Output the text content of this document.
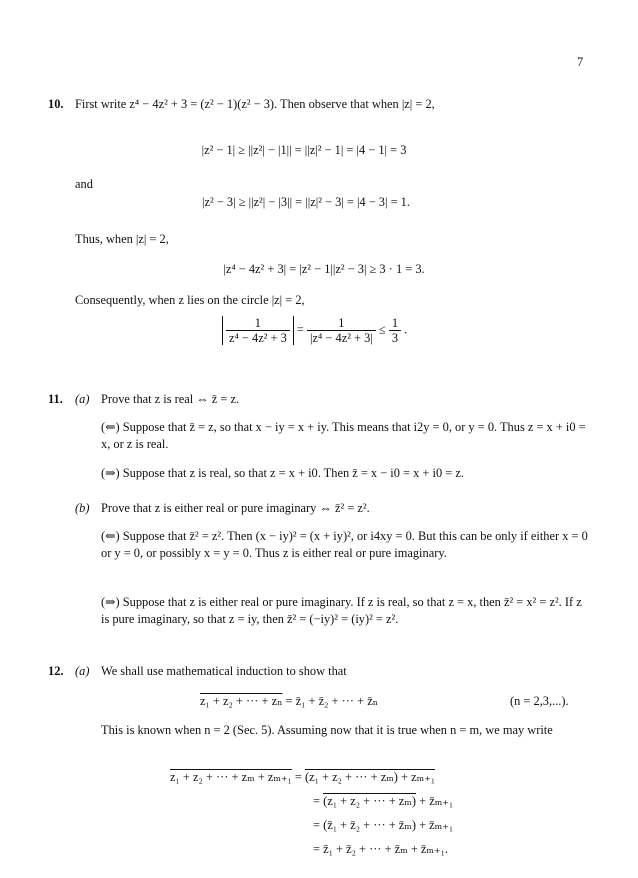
7
10. First write z⁴ − 4z² + 3 = (z² − 1)(z² − 3). Then observe that when |z| = 2,
|z² − 1| ≥ ||z²| − |1|| = ||z|² − 1| = |4 − 1| = 3
and
|z² − 3| ≥ ||z²| − |3|| = ||z|² − 3| = |4 − 3| = 1.
Thus, when |z| = 2,
|z⁴ − 4z² + 3| = |z² − 1||z² − 3| ≥ 3 · 1 = 3.
Consequently, when z lies on the circle |z| = 2,
$\frac{1}{\text{z⁴ − 4z² + 3}} = \frac{1}{\text{|z⁴ − 4z² + 3|}} \le \frac{1}{3}$ .
11. (a) Prove that z is real ⇔ z̄ = z.
(⇐) Suppose that z̄ = z, so that x − iy = x + iy. This means that i2y = 0, or y = 0. Thus z = x + i0 = x, or z is real.
(⇒) Suppose that z is real, so that z = x + i0. Then z̄ = x − i0 = x + i0 = z.
(b) Prove that z is either real or pure imaginary ⇔ z̄² = z².
(⇐) Suppose that z̄² = z². Then (x − iy)² = (x + iy)², or i4xy = 0. But this can be only if either x = 0 or y = 0, or possibly x = y = 0. Thus z is either real or pure imaginary.
(⇒) Suppose that z is either real or pure imaginary. If z is real, so that z = x, then z̄² = x² = z². If z is pure imaginary, so that z = iy, then z̄² = (−iy)² = (iy)² = z².
12. (a) We shall use mathematical induction to show that
z₁ + z₂ + ··· + zₙ = z̄₁ + z̄₂ + ··· + z̄ₙ	(n = 2,3,...).
This is known when n = 2 (Sec. 5). Assuming now that it is true when n = m, we may write
z₁ + z₂ + ··· + zₘ + zₘ₊₁ = (z₁ + z₂ + ··· + zₘ) + zₘ₊₁
= (z₁ + z₂ + ··· + zₘ) + z̄ₘ₊₁
= (z̄₁ + z̄₂ + ··· + z̄ₘ) + z̄ₘ₊₁
= z̄₁ + z̄₂ + ··· + z̄ₘ + z̄ₘ₊₁.
